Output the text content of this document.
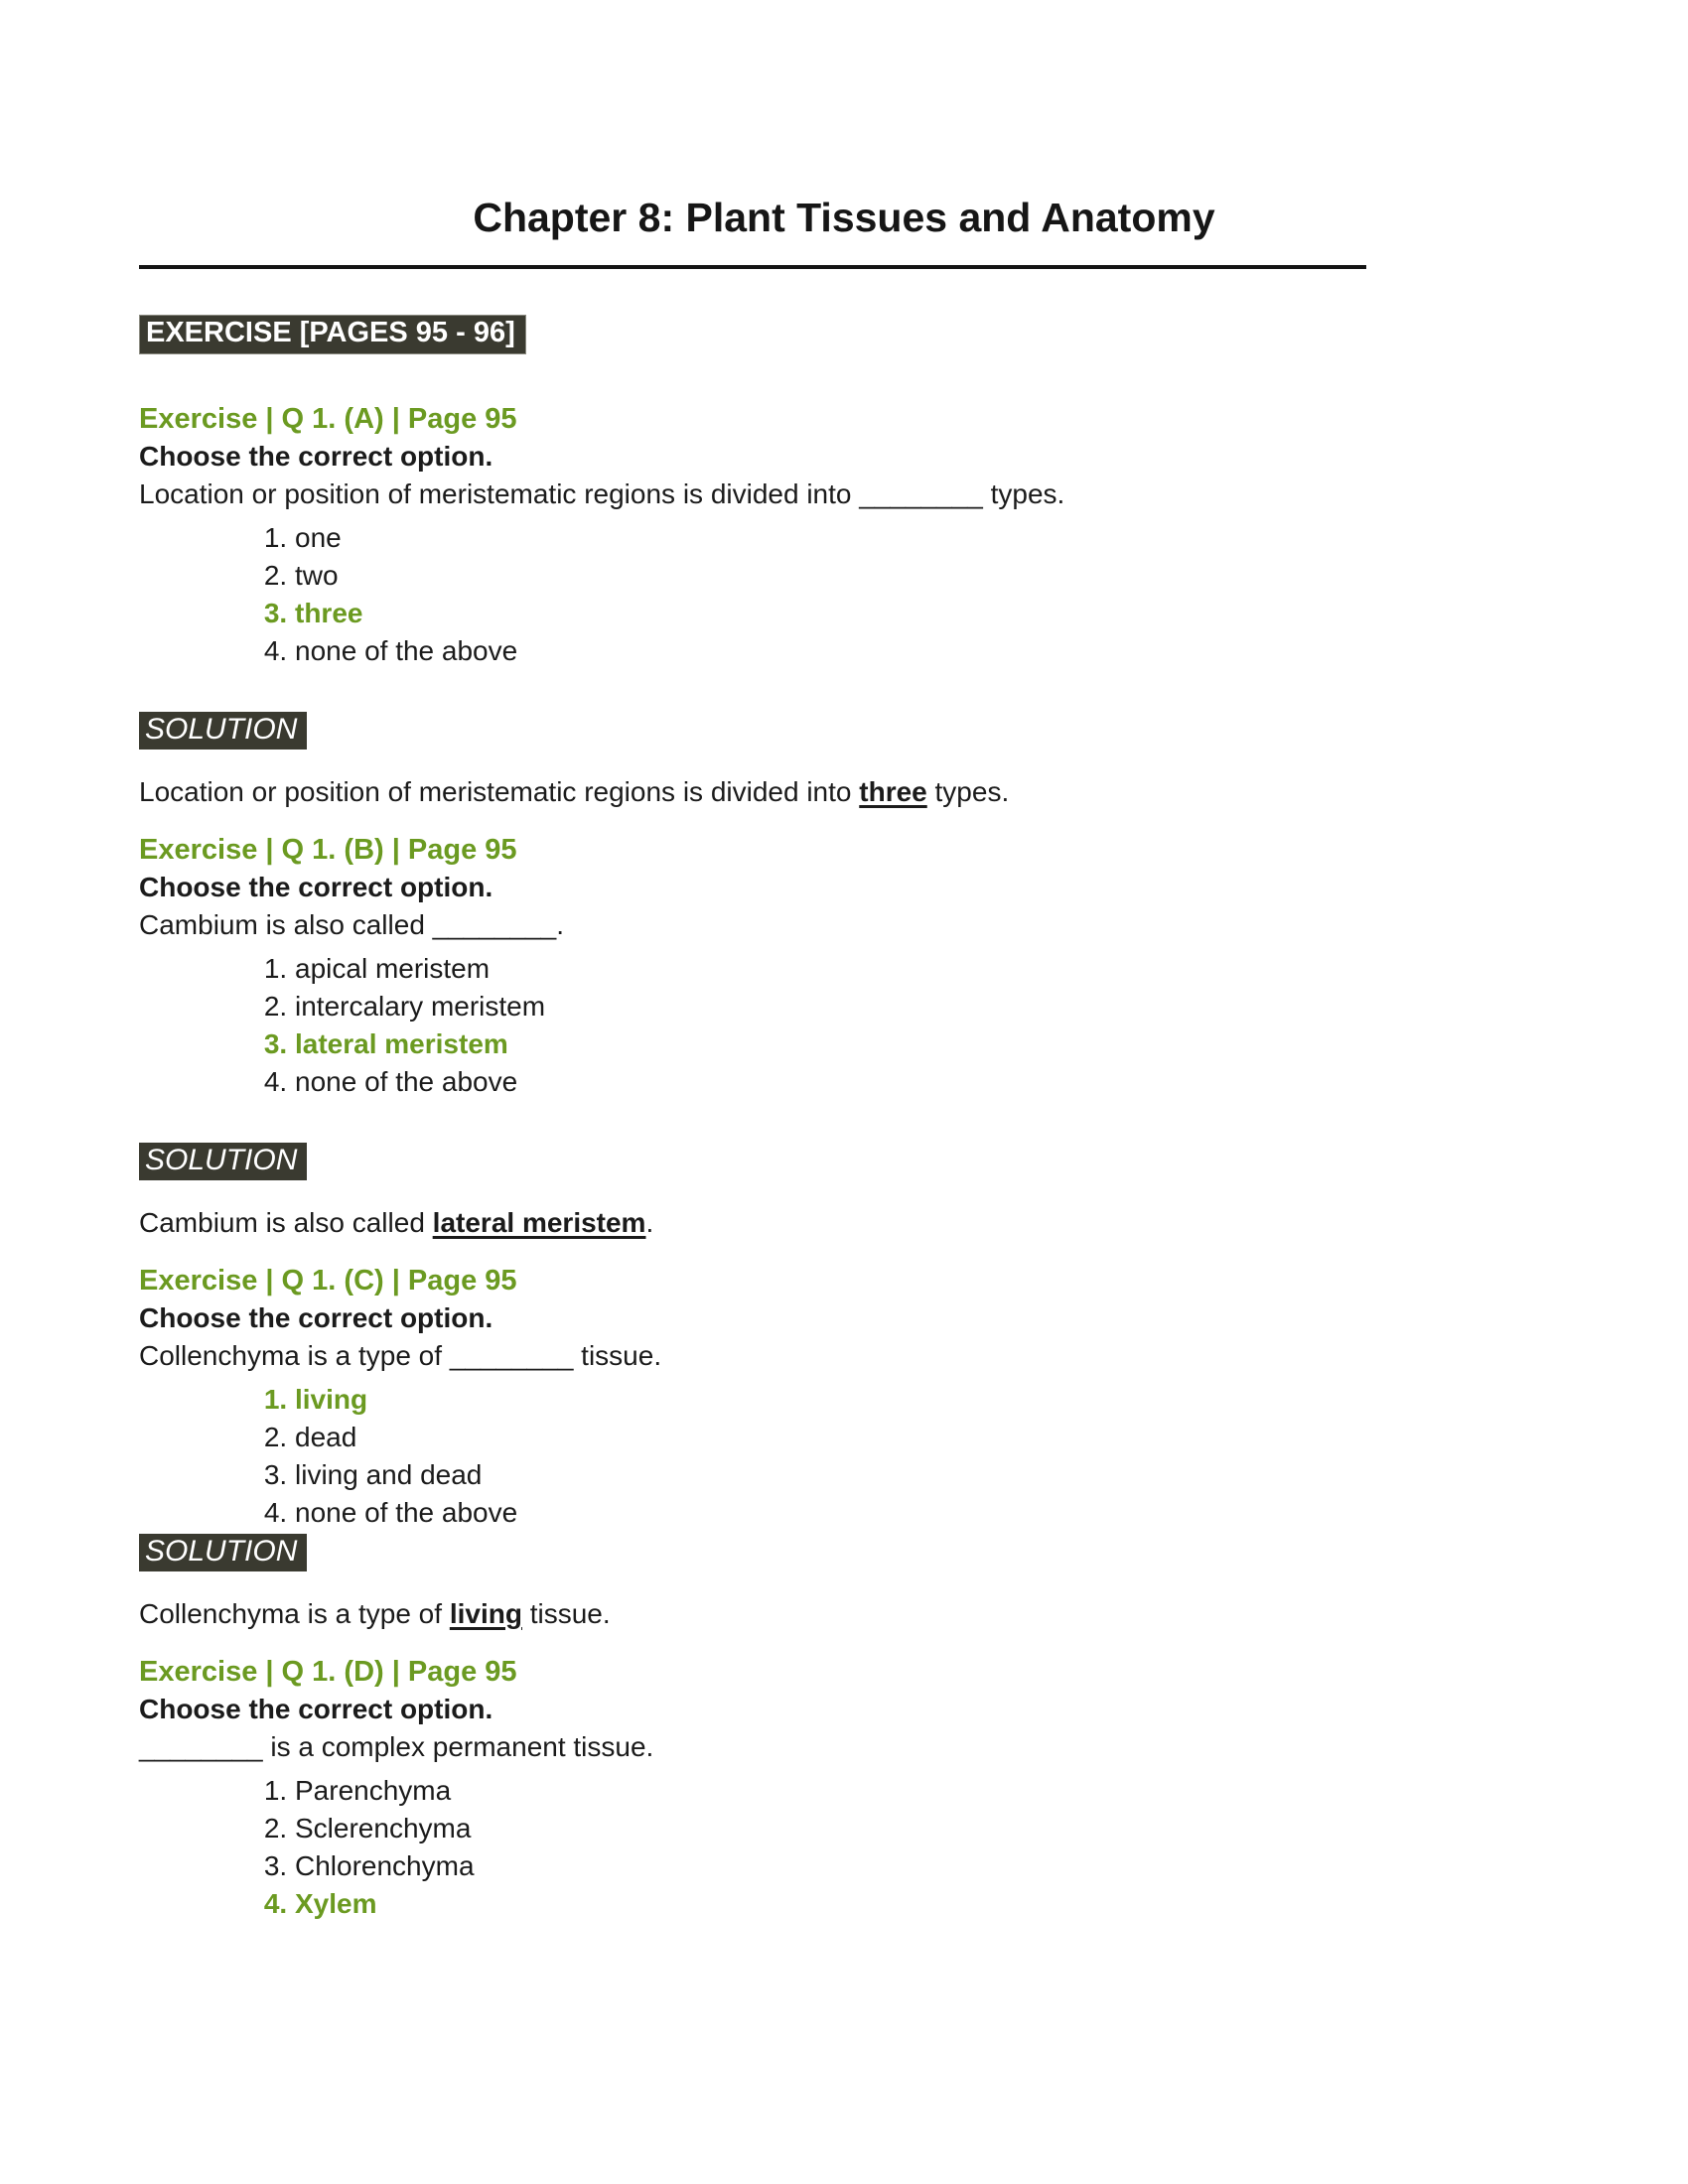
Chapter 8: Plant Tissues and Anatomy
EXERCISE [PAGES 95 - 96]
Exercise | Q 1. (A) | Page 95

Choose the correct option.

Location or position of meristematic regions is divided into ________ types.

1. one
2. two
3. three
4. none of the above
SOLUTION

Location or position of meristematic regions is divided into three types.

Exercise | Q 1. (B) | Page 95

Choose the correct option.

Cambium is also called ________.

1. apical meristem
2. intercalary meristem
3. lateral meristem
4. none of the above
SOLUTION

Cambium is also called lateral meristem.

Exercise | Q 1. (C) | Page 95

Choose the correct option.

Collenchyma is a type of ________ tissue.

1. living
2. dead
3. living and dead
4. none of the above
SOLUTION

Collenchyma is a type of living tissue.

Exercise | Q 1. (D) | Page 95

Choose the correct option.

________ is a complex permanent tissue.

1. Parenchyma
2. Sclerenchyma
3. Chlorenchyma
4. Xylem
